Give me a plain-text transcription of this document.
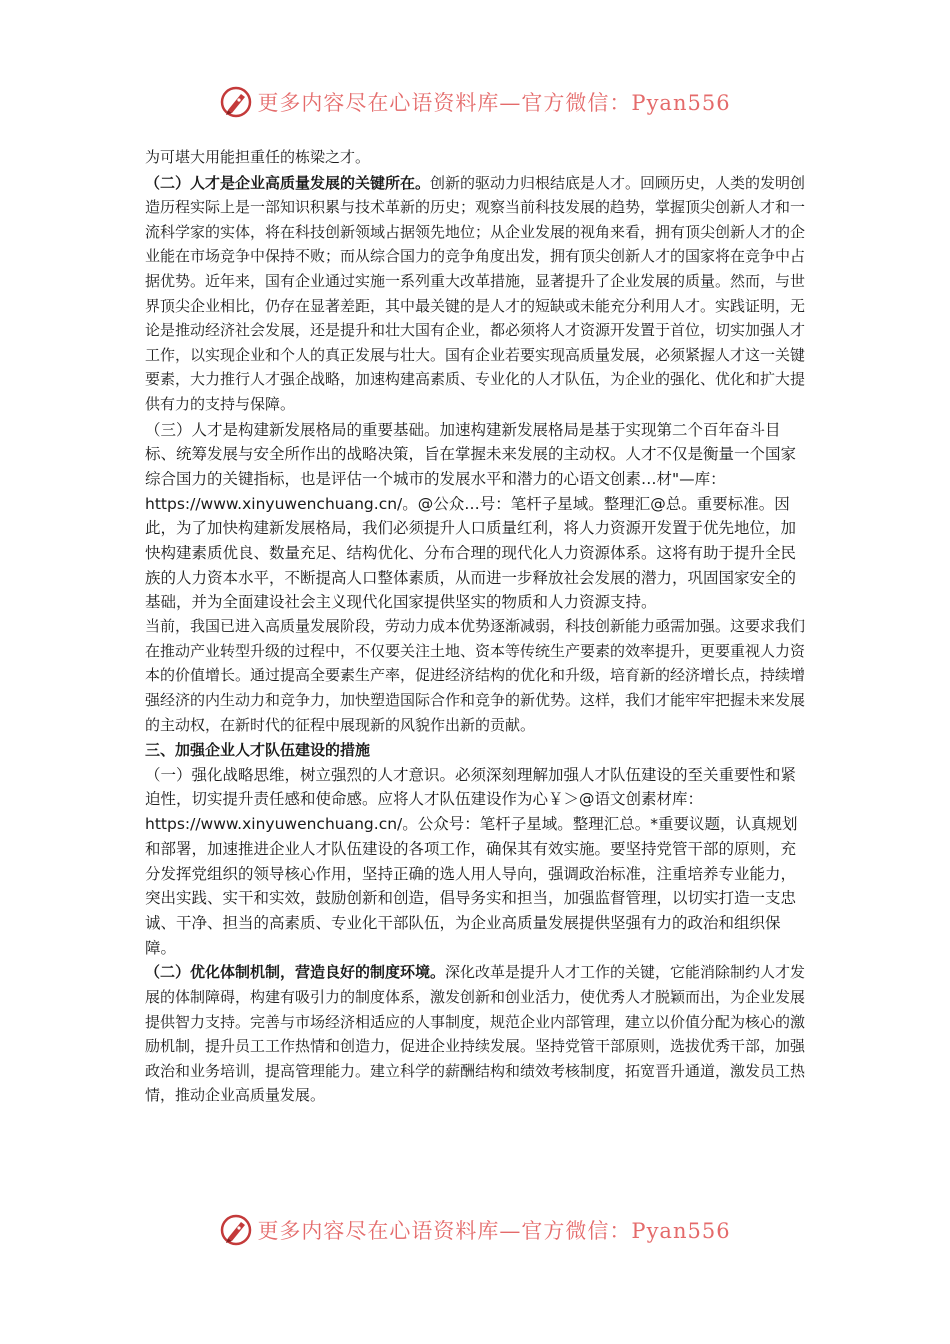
更多内容尽在心语资料库—官方微信：Pyan556

为可堪大用能担重任的栋梁之才。

（二）人才是企业高质量发展的关键所在。创新的驱动力归根结底是人才。回顾历史，人类的发明创造历程实际上是一部知识积累与技术革新的历史；观察当前科技发展的趋势，掌握顶尖创新人才和一流科学家的实体，将在科技创新领域占据领先地位；从企业发展的视角来看，拥有顶尖创新人才的企业能在市场竞争中保持不败；而从综合国力的竞争角度出发，拥有顶尖创新人才的国家将在竞争中占据优势。近年来，国有企业通过实施一系列重大改革措施，显著提升了企业发展的质量。然而，与世界顶尖企业相比，仍存在显著差距，其中最关键的是人才的短缺或未能充分利用人才。实践证明，无论是推动经济社会发展，还是提升和壮大国有企业，都必须将人才资源开发置于首位，切实加强人才工作，以实现企业和个人的真正发展与壮大。国有企业若要实现高质量发展，必须紧握人才这一关键要素，大力推行人才强企战略，加速构建高素质、专业化的人才队伍，为企业的强化、优化和扩大提供有力的支持与保障。

（三）人才是构建新发展格局的重要基础。加速构建新发展格局是基于实现第二个百年奋斗目标、统筹发展与安全所作出的战略决策，旨在掌握未来发展的主动权。人才不仅是衡量一个国家综合国力的关键指标，也是评估一个城市的发展水平和潜力的心语文创素…材"—库：https://www.xinyuwenchuang.cn/。@公众…号：笔杆子星域。整理汇@总。重要标准。因此，为了加快构建新发展格局，我们必须提升人口质量红利，将人力资源开发置于优先地位，加快构建素质优良、数量充足、结构优化、分布合理的现代化人力资源体系。这将有助于提升全民族的人力资本水平，不断提高人口整体素质，从而进一步释放社会发展的潜力，巩固国家安全的基础，并为全面建设社会主义现代化国家提供坚实的物质和人力资源支持。

当前，我国已进入高质量发展阶段，劳动力成本优势逐渐减弱，科技创新能力亟需加强。这要求我们在推动产业转型升级的过程中，不仅要关注土地、资本等传统生产要素的效率提升，更要重视人力资本的价值增长。通过提高全要素生产率，促进经济结构的优化和升级，培育新的经济增长点，持续增强经济的内生动力和竞争力，加快塑造国际合作和竞争的新优势。这样，我们才能牢牢把握未来发展的主动权，在新时代的征程中展现新的风貌作出新的贡献。

三、加强企业人才队伍建设的措施

（一）强化战略思维，树立强烈的人才意识。必须深刻理解加强人才队伍建设的至关重要性和紧迫性，切实提升责任感和使命感。应将人才队伍建设作为心￥＞@语文创素材库：https://www.xinyuwenchuang.cn/。公众号：笔杆子星域。整理汇总。*重要议题，认真规划和部署，加速推进企业人才队伍建设的各项工作，确保其有效实施。要坚持党管干部的原则，充分发挥党组织的领导核心作用，坚持正确的选人用人导向，强调政治标准，注重培养专业能力，突出实践、实干和实效，鼓励创新和创造，倡导务实和担当，加强监督管理，以切实打造一支忠诚、干净、担当的高素质、专业化干部队伍，为企业高质量发展提供坚强有力的政治和组织保障。

（二）优化体制机制，营造良好的制度环境。深化改革是提升人才工作的关键，它能消除制约人才发展的体制障碍，构建有吸引力的制度体系，激发创新和创业活力，使优秀人才脱颖而出，为企业发展提供智力支持。完善与市场经济相适应的人事制度，规范企业内部管理，建立以价值分配为核心的激励机制，提升员工工作热情和创造力，促进企业持续发展。坚持党管干部原则，选拔优秀干部，加强政治和业务培训，提高管理能力。建立科学的薪酬结构和绩效考核制度，拓宽晋升通道，激发员工热情，推动企业高质量发展。

更多内容尽在心语资料库—官方微信：Pyan556
